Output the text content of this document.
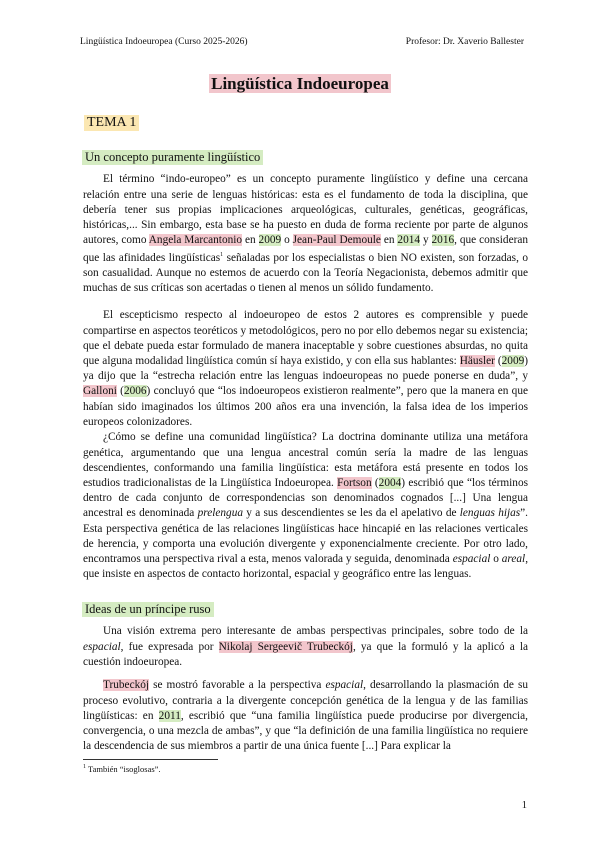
Lingüística Indoeuropea (Curso 2025-2026)	Profesor: Dr. Xaverio Ballester
Lingüística Indoeuropea
TEMA 1
Un concepto puramente lingüístico

El término “indo-europeo” es un concepto puramente lingüístico y define una cercana relación entre una serie de lenguas históricas: esta es el fundamento de toda la disciplina, que debería tener sus propias implicaciones arqueológicas, culturales, genéticas, geográficas, históricas,... Sin embargo, esta base se ha puesto en duda de forma reciente por parte de algunos autores, como Angela Marcantonio en 2009 o Jean-Paul Demoule en 2014 y 2016, que consideran que las afinidades lingüísticas$^1$ señaladas por los especialistas o bien NO existen, son forzadas, o son casualidad. Aunque no estemos de acuerdo con la Teoría Negacionista, debemos admitir que muchas de sus críticas son acertadas o tienen al menos un sólido fundamento.

El escepticismo respecto al indoeuropeo de estos 2 autores es comprensible y puede compartirse en aspectos teoréticos y metodológicos, pero no por ello debemos negar su existencia; que el debate pueda estar formulado de manera inaceptable y sobre cuestiones absurdas, no quita que alguna modalidad lingüística común sí haya existido, y con ella sus hablantes: Häusler (2009) ya dijo que la “estrecha relación entre las lenguas indoeuropeas no puede ponerse en duda”, y Galloni (2006) concluyó que “los indoeuropeos existieron realmente”, pero que la manera en que habían sido imaginados los últimos 200 años era una invención, la falsa idea de los imperios europeos colonizadores.

¿Cómo se define una comunidad lingüística? La doctrina dominante utiliza una metáfora genética, argumentando que una lengua ancestral común sería la madre de las lenguas descendientes, conformando una familia lingüística: esta metáfora está presente en todos los estudios tradicionalistas de la Lingüística Indoeuropea. Fortson (2004) escribió que “los términos dentro de cada conjunto de correspondencias son denominados cognados [...] Una lengua ancestral es denominada prelengua y a sus descendientes se les da el apelativo de lenguas hijas”. Esta perspectiva genética de las relaciones lingüísticas hace hincapié en las relaciones verticales de herencia, y comporta una evolución divergente y exponencialmente creciente. Por otro lado, encontramos una perspectiva rival a esta, menos valorada y seguida, denominada espacial o areal, que insiste en aspectos de contacto horizontal, espacial y geográfico entre las lenguas.

Ideas de un príncipe ruso

Una visión extrema pero interesante de ambas perspectivas principales, sobre todo de la espacial, fue expresada por Nikolaj Sergeevič Trubeckój, ya que la formuló y la aplicó a la cuestión indoeuropea.

Trubeckój se mostró favorable a la perspectiva espacial, desarrollando la plasmación de su proceso evolutivo, contraria a la divergente concepción genética de la lengua y de las familias lingüísticas: en 2011, escribió que “una familia lingüística puede producirse por divergencia, convergencia, o una mezcla de ambas”, y que “la definición de una familia lingüística no requiere la descendencia de sus miembros a partir de una única fuente [...] Para explicar la

$^1$ También “isoglosas”.
1
